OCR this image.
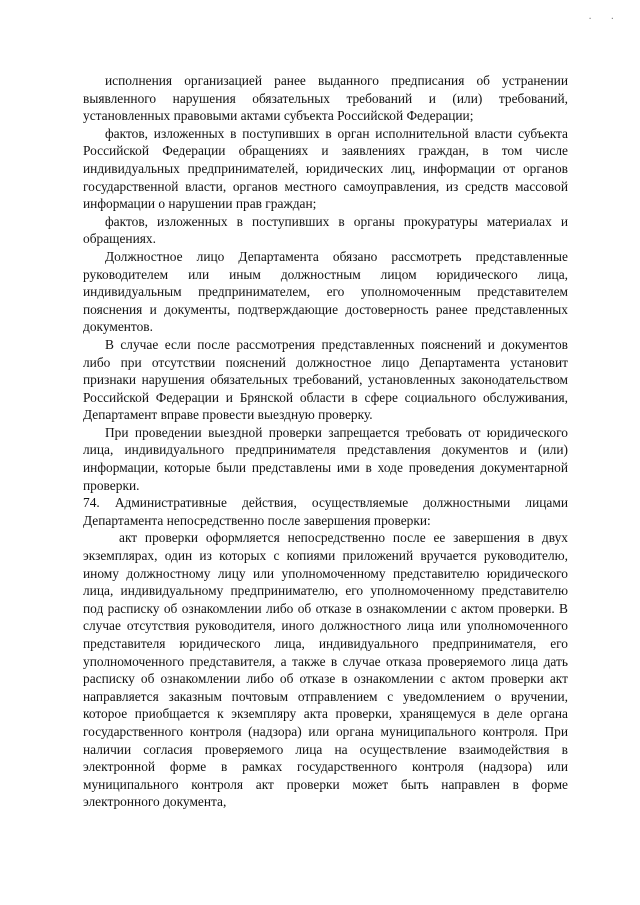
· ·

исполнения организацией ранее выданного предписания об устранении выявленного нарушения обязательных требований и (или) требований, установленных правовыми актами субъекта Российской Федерации;

фактов, изложенных в поступивших в орган исполнительной власти субъекта Российской Федерации обращениях и заявлениях граждан, в том числе индивидуальных предпринимателей, юридических лиц, информации от органов государственной власти, органов местного самоуправления, из средств массовой информации о нарушении прав граждан;

фактов, изложенных в поступивших в органы прокуратуры материалах и обращениях.

Должностное лицо Департамента обязано рассмотреть представленные руководителем или иным должностным лицом юридического лица, индивидуальным предпринимателем, его уполномоченным представителем пояснения и документы, подтверждающие достоверность ранее представленных документов.

В случае если после рассмотрения представленных пояснений и документов либо при отсутствии пояснений должностное лицо Департамента установит признаки нарушения обязательных требований, установленных законодательством Российской Федерации и Брянской области в сфере социального обслуживания, Департамент вправе провести выездную проверку.

При проведении выездной проверки запрещается требовать от юридического лица, индивидуального предпринимателя представления документов и (или) информации, которые были представлены ими в ходе проведения документарной проверки.

74. Административные действия, осуществляемые должностными лицами Департамента непосредственно после завершения проверки:

акт проверки оформляется непосредственно после ее завершения в двух экземплярах, один из которых с копиями приложений вручается руководителю, иному должностному лицу или уполномоченному представителю юридического лица, индивидуальному предпринимателю, его уполномоченному представителю под расписку об ознакомлении либо об отказе в ознакомлении с актом проверки. В случае отсутствия руководителя, иного должностного лица или уполномоченного представителя юридического лица, индивидуального предпринимателя, его уполномоченного представителя, а также в случае отказа проверяемого лица дать расписку об ознакомлении либо об отказе в ознакомлении с актом проверки акт направляется заказным почтовым отправлением с уведомлением о вручении, которое приобщается к экземпляру акта проверки, хранящемуся в деле органа государственного контроля (надзора) или органа муниципального контроля. При наличии согласия проверяемого лица на осуществление взаимодействия в электронной форме в рамках государственного контроля (надзора) или муниципального контроля акт проверки может быть направлен в форме электронного документа,
